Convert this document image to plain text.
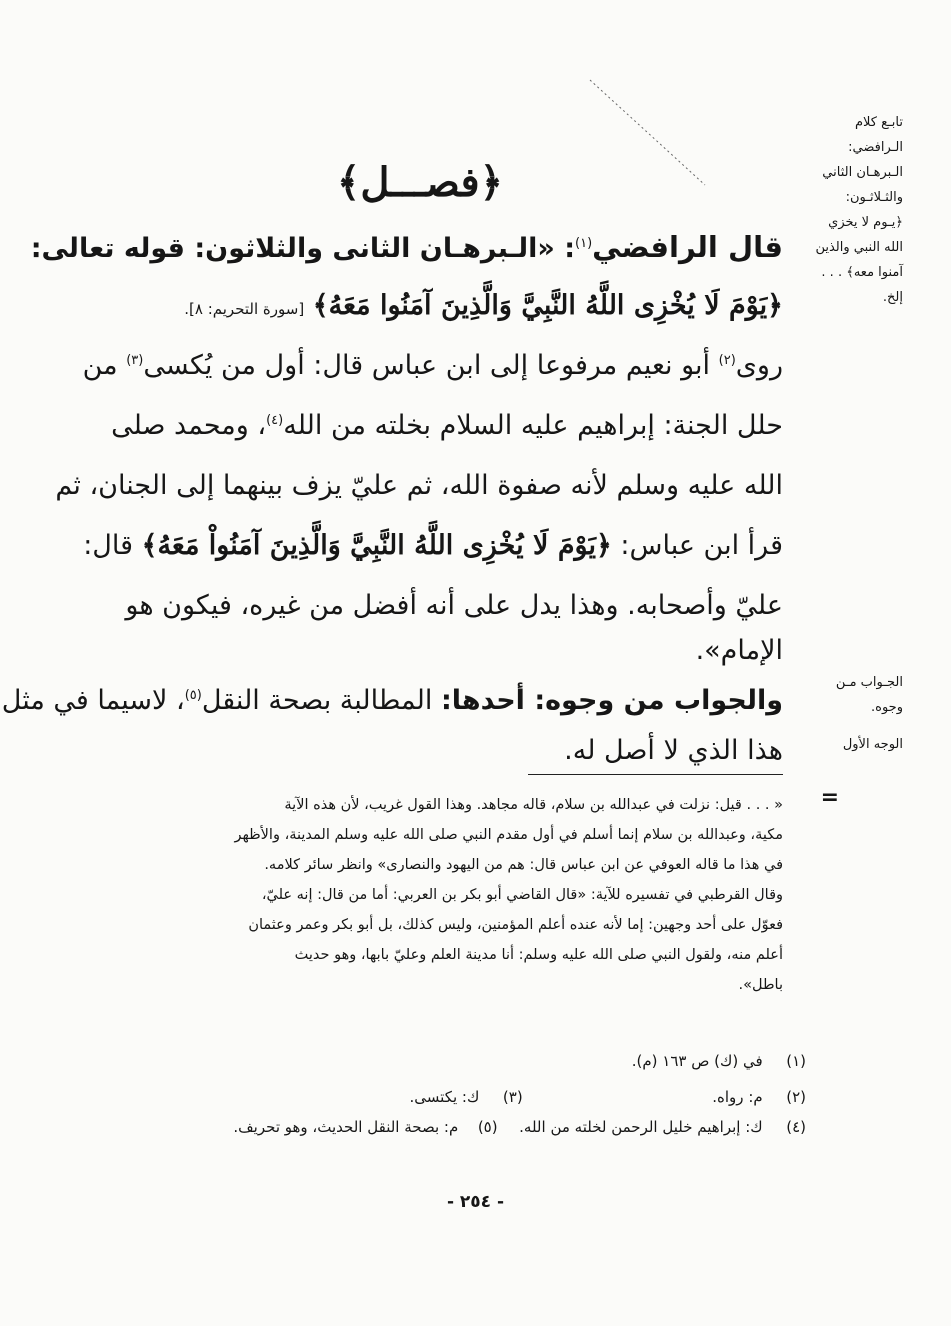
تابـع كلام
الـرافضي:
الـبرهـان الثاني
والثـلاثـون:
﴿يـوم لا يخزي
الله النبي والذين
آمنوا معه﴾ . . .
إلخ.
الجـواب مـن
وجوه.
الوجه الأول
﴿فصـــل﴾
قال الرافضي$^{(١)}$: «الـبرهـان الثانى والثلاثون: قوله تعالى:
﴿يَوْمَ لَا يُخْزِى اللَّهُ النَّبِيَّ وَالَّذِينَ آمَنُوا مَعَهُ﴾ [سورة التحريم: ٨].
روى$^{(٢)}$ أبو نعيم مرفوعا إلى ابن عباس قال: أول من يُكسى$^{(٣)}$ من
حلل الجنة: إبراهيم عليه السلام بخلته من الله$^{(٤)}$، ومحمد صلى
الله عليه وسلم لأنه صفوة الله، ثم عليّ يزف بينهما إلى الجنان، ثم
قرأ ابن عباس: ﴿يَوْمَ لَا يُخْزِى اللَّهُ النَّبِيَّ وَالَّذِينَ آمَنُواْ مَعَهُ﴾ قال:
عليّ وأصحابه. وهذا يدل على أنه أفضل من غيره، فيكون هو
الإمام».
والجواب من وجوه: أحدها: المطالبة بصحة النقل$^{(٥)}$، لاسيما في مثل
هذا الذي لا أصل له.
=
« . . . قيل: نزلت في عبدالله بن سلام، قاله مجاهد. وهذا القول غريب، لأن هذه الآية
مكية، وعبدالله بن سلام إنما أسلم في أول مقدم النبي صلى الله عليه وسلم المدينة، والأظهر
في هذا ما قاله العوفي عن ابن عباس قال: هم من اليهود والنصارى» وانظر سائر كلامه.
وقال القرطبي في تفسيره للآية: «قال القاضي أبو بكر بن العربي: أما من قال: إنه عليّ،
فعوّل على أحد وجهين: إما لأنه عنده أعلم المؤمنين، وليس كذلك، بل أبو بكر وعمر وعثمان
أعلم منه، ولقول النبي صلى الله عليه وسلم: أنا مدينة العلم وعليّ بابها، وهو حديث
باطل».
(١)  في (ك) ص ١٦٣ (م).
(٢)  م: رواه.  (٣)  ك: يكتسى.
(٤)  ك: إبراهيم خليل الرحمن لخلته من الله.  (٥)  م: بصحة النقل الحديث، وهو تحريف.
- ٢٥٤ -
